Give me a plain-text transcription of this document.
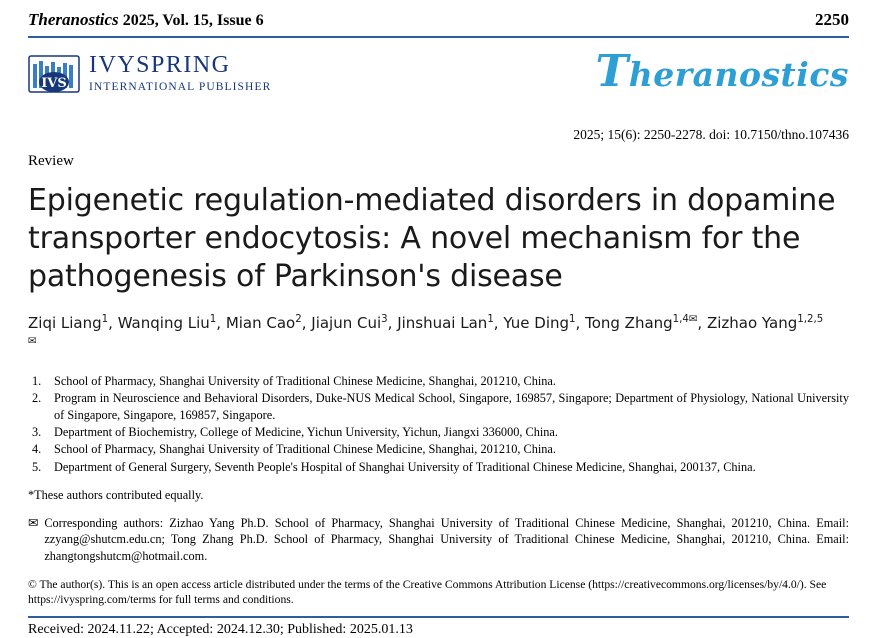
Theranostics 2025, Vol. 15, Issue 6	2250
IVS
IVYSPRING
INTERNATIONAL PUBLISHER	Theranostics
2025; 15(6): 2250-2278. doi: 10.7150/thno.107436
Review
Epigenetic regulation-mediated disorders in dopamine transporter endocytosis: A novel mechanism for the pathogenesis of Parkinson's disease
Ziqi Liang$^1$, Wanqing Liu$^1$, Mian Cao$^2$, Jiajun Cui$^3$, Jinshuai Lan$^1$, Yue Ding$^1$, Tong Zhang$^{1,4✉}$, Zizhao Yang$^{1,2,5✉}$
1.	School of Pharmacy, Shanghai University of Traditional Chinese Medicine, Shanghai, 201210, China.
2.	Program in Neuroscience and Behavioral Disorders, Duke-NUS Medical School, Singapore, 169857, Singapore; Department of Physiology, National University of Singapore, Singapore, 169857, Singapore.
3.	Department of Biochemistry, College of Medicine, Yichun University, Yichun, Jiangxi 336000, China.
4.	School of Pharmacy, Shanghai University of Traditional Chinese Medicine, Shanghai, 201210, China.
5.	Department of General Surgery, Seventh People's Hospital of Shanghai University of Traditional Chinese Medicine, Shanghai, 200137, China.
*These authors contributed equally.
✉ Corresponding authors: Zizhao Yang Ph.D. School of Pharmacy, Shanghai University of Traditional Chinese Medicine, Shanghai, 201210, China. Email: zzyang@shutcm.edu.cn; Tong Zhang Ph.D. School of Pharmacy, Shanghai University of Traditional Chinese Medicine, Shanghai, 201210, China. Email: zhangtongshutcm@hotmail.com.
© The author(s). This is an open access article distributed under the terms of the Creative Commons Attribution License (https://creativecommons.org/licenses/by/4.0/). See https://ivyspring.com/terms for full terms and conditions.
Received: 2024.11.22; Accepted: 2024.12.30; Published: 2025.01.13
